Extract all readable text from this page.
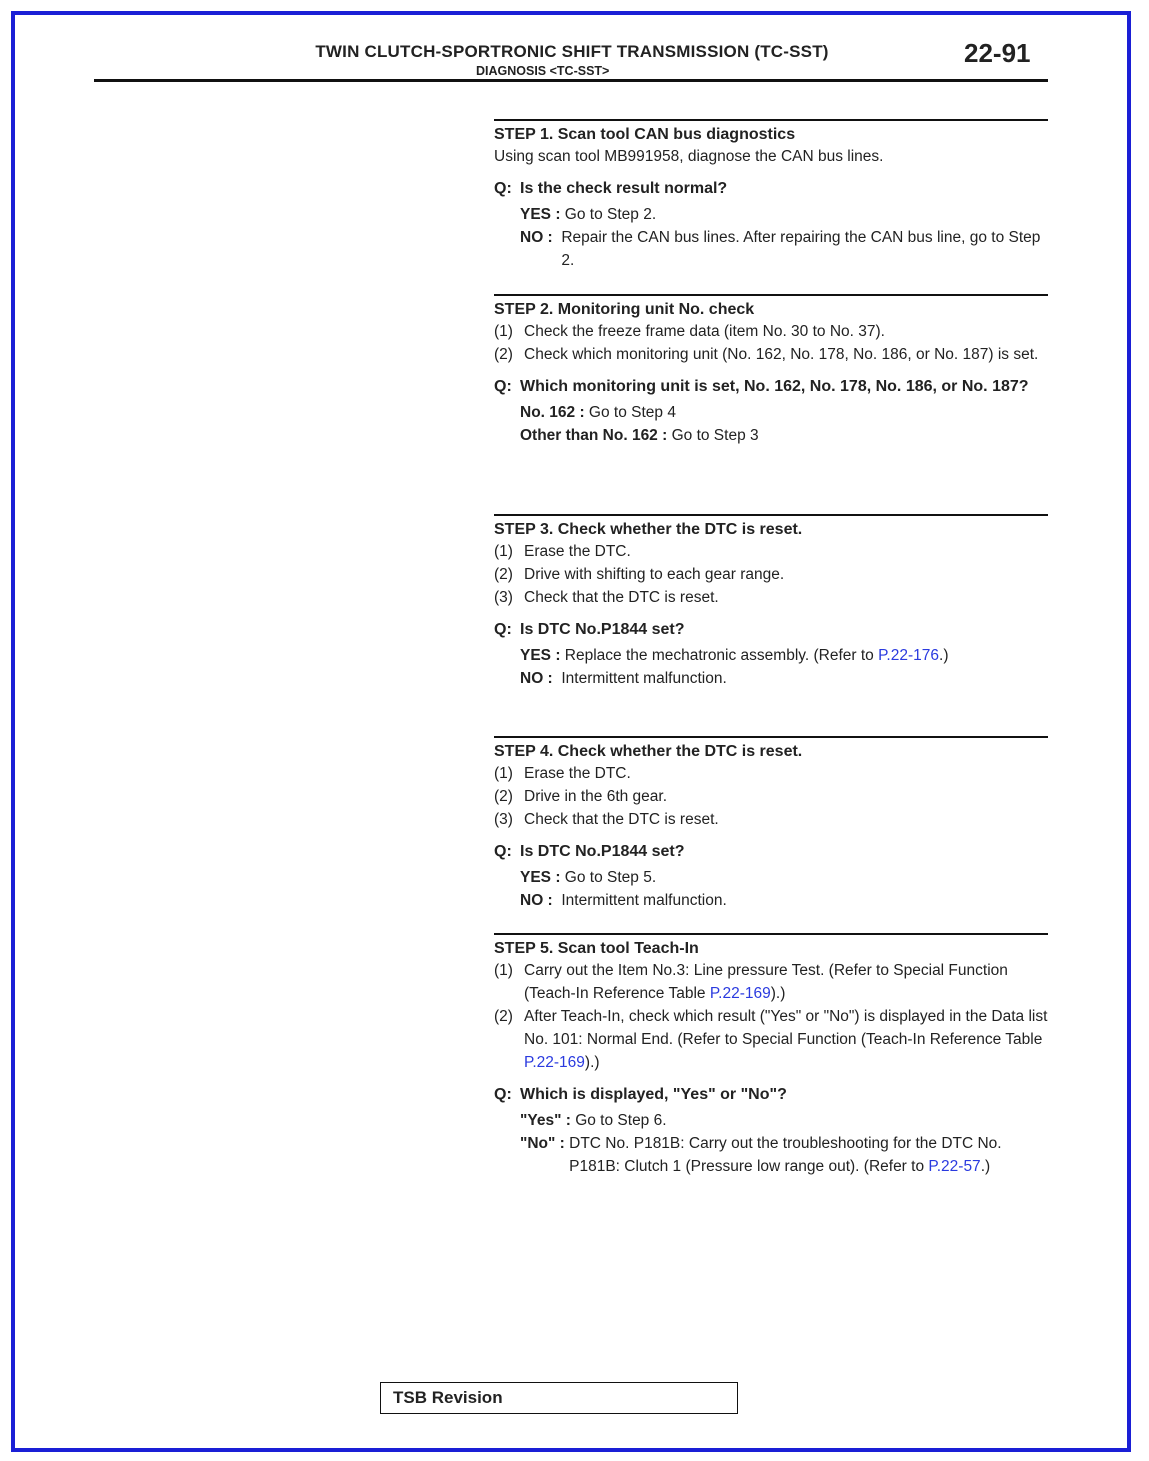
TWIN CLUTCH-SPORTRONIC SHIFT TRANSMISSION (TC-SST)
DIAGNOSIS <TC-SST>
22-91
STEP 1. Scan tool CAN bus diagnostics
Using scan tool MB991958, diagnose the CAN bus lines.
Q: Is the check result normal?
YES : Go to Step 2.
NO : Repair the CAN bus lines. After repairing the CAN bus line, go to Step 2.
STEP 2. Monitoring unit No. check
(1) Check the freeze frame data (item No. 30 to No. 37).
(2) Check which monitoring unit (No. 162, No. 178, No. 186, or No. 187) is set.
Q: Which monitoring unit is set, No. 162, No. 178, No. 186, or No. 187?
No. 162 : Go to Step 4
Other than No. 162 : Go to Step 3
STEP 3. Check whether the DTC is reset.
(1) Erase the DTC.
(2) Drive with shifting to each gear range.
(3) Check that the DTC is reset.
Q: Is DTC No.P1844 set?
YES : Replace the mechatronic assembly. (Refer to P.22-176.)
NO : Intermittent malfunction.
STEP 4. Check whether the DTC is reset.
(1) Erase the DTC.
(2) Drive in the 6th gear.
(3) Check that the DTC is reset.
Q: Is DTC No.P1844 set?
YES : Go to Step 5.
NO : Intermittent malfunction.
STEP 5. Scan tool Teach-In
(1) Carry out the Item No.3: Line pressure Test. (Refer to Special Function (Teach-In Reference Table P.22-169).)
(2) After Teach-In, check which result ("Yes" or "No") is displayed in the Data list No. 101: Normal End. (Refer to Special Function (Teach-In Reference Table P.22-169).)
Q: Which is displayed, "Yes" or "No"?
"Yes" : Go to Step 6.
"No" : DTC No. P181B: Carry out the troubleshooting for the DTC No. P181B: Clutch 1 (Pressure low range out). (Refer to P.22-57.)
TSB Revision
